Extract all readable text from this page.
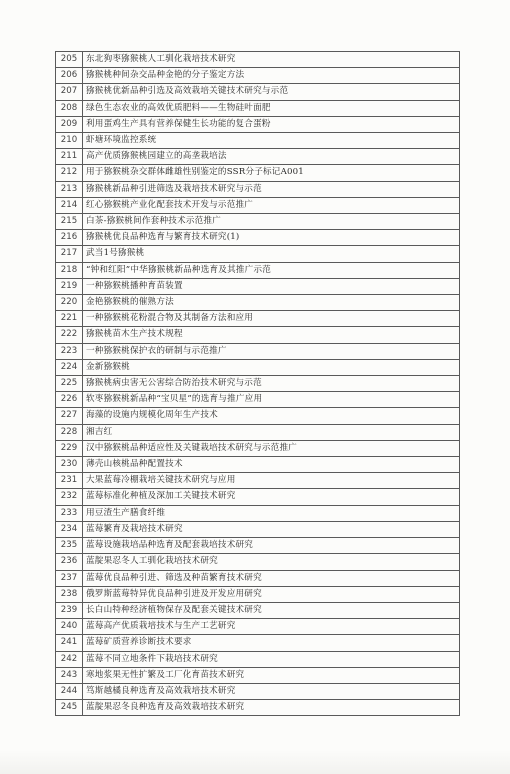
205	东北狗枣猕猴桃人工驯化栽培技术研究
206	猕猴桃种间杂交品种金艳的分子鉴定方法
207	猕猴桃优新品种引选及高效栽培关键技术研究与示范
208	绿色生态农业的高效优质肥料——生物硅叶面肥
209	利用蛋鸡生产具有营养保健生长功能的复合蛋粉
210	虾塘环境监控系统
211	高产优质猕猴桃园建立的高垄栽培法
212	用于猕猴桃杂交群体雌雄性别鉴定的SSR分子标记A001
213	猕猴桃新品种引进筛选及栽培技术研究与示范
214	红心猕猴桃产业化配套技术开发与示范推广
215	白茶-猕猴桃间作套种技术示范推广
216	猕猴桃优良品种选育与繁育技术研究(1)
217	武当1号猕猴桃
218	“钟和红阳”中华猕猴桃新品种选育及其推广示范
219	一种猕猴桃播种育苗装置
220	金艳猕猴桃的催熟方法
221	一种猕猴桃花粉混合物及其制备方法和应用
222	猕猴桃苗木生产技术规程
223	一种猕猴桃保护衣的研制与示范推广
224	金新猕猴桃
225	猕猴桃病虫害无公害综合防治技术研究与示范
226	软枣猕猴桃新品种“宝贝星”的选育与推广应用
227	海藻的设施内规模化周年生产技术
228	湘吉红
229	汉中猕猴桃品种适应性及关键栽培技术研究与示范推广
230	薄壳山核桃品种配置技术
231	大果蓝莓冷棚栽培关键技术研究与应用
232	蓝莓标准化种植及深加工关键技术研究
233	用豆渣生产膳食纤维
234	蓝莓繁育及栽培技术研究
235	蓝莓设施栽培品种选育及配套栽培技术研究
236	蓝靛果忍冬人工驯化栽培技术研究
237	蓝莓优良品种引进、筛选及种苗繁育技术研究
238	俄罗斯蓝莓特异优良品种引进及开发应用研究
239	长白山特种经济植物保存及配套关键技术研究
240	蓝莓高产优质栽培技术与生产工艺研究
241	蓝莓矿质营养诊断技术要求
242	蓝莓不同立地条件下栽培技术研究
243	寒地浆果无性扩繁及工厂化育苗技术研究
244	笃斯越橘良种选育及高效栽培技术研究
245	蓝靛果忍冬良种选育及高效栽培技术研究
